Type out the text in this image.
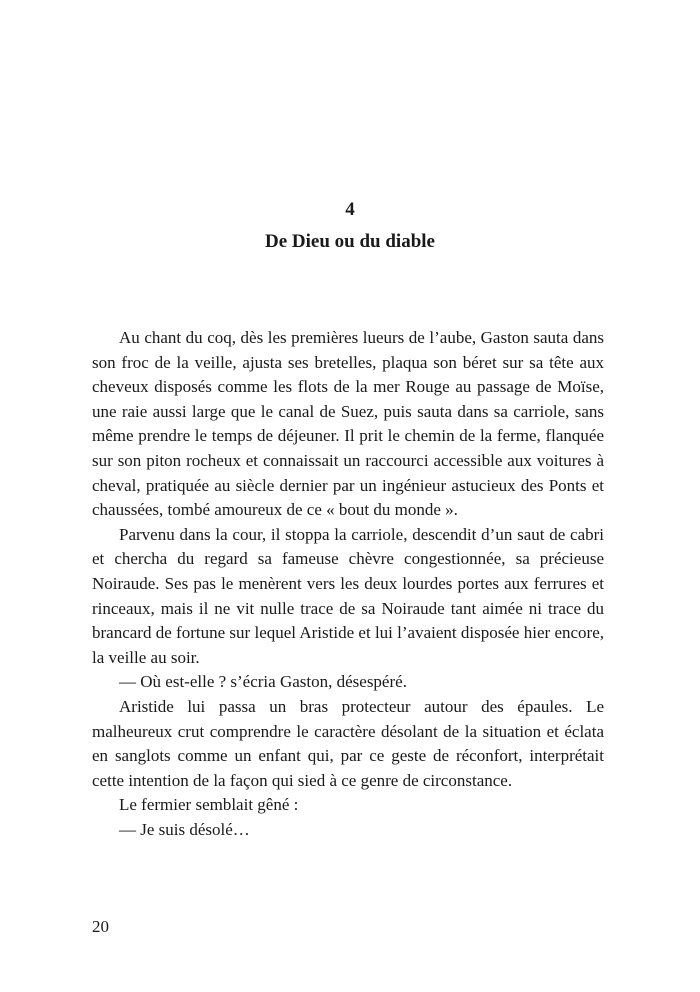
4
De Dieu ou du diable

Au chant du coq, dès les premières lueurs de l’aube, Gaston sauta dans son froc de la veille, ajusta ses bretelles, plaqua son béret sur sa tête aux cheveux disposés comme les flots de la mer Rouge au passage de Moïse, une raie aussi large que le canal de Suez, puis sauta dans sa carriole, sans même prendre le temps de déjeuner. Il prit le chemin de la ferme, flanquée sur son piton rocheux et connaissait un raccourci accessible aux voitures à cheval, pratiquée au siècle dernier par un ingénieur astucieux des Ponts et chaussées, tombé amoureux de ce « bout du monde ».

Parvenu dans la cour, il stoppa la carriole, descendit d’un saut de cabri et chercha du regard sa fameuse chèvre congestionnée, sa précieuse Noiraude. Ses pas le menèrent vers les deux lourdes portes aux ferrures et rinceaux, mais il ne vit nulle trace de sa Noiraude tant aimée ni trace du brancard de fortune sur lequel Aristide et lui l’avaient disposée hier encore, la veille au soir.

— Où est-elle ? s’écria Gaston, désespéré.

Aristide lui passa un bras protecteur autour des épaules. Le malheureux crut comprendre le caractère désolant de la situation et éclata en sanglots comme un enfant qui, par ce geste de réconfort, interprétait cette intention de la façon qui sied à ce genre de circonstance.

Le fermier semblait gêné :

— Je suis désolé…

20
